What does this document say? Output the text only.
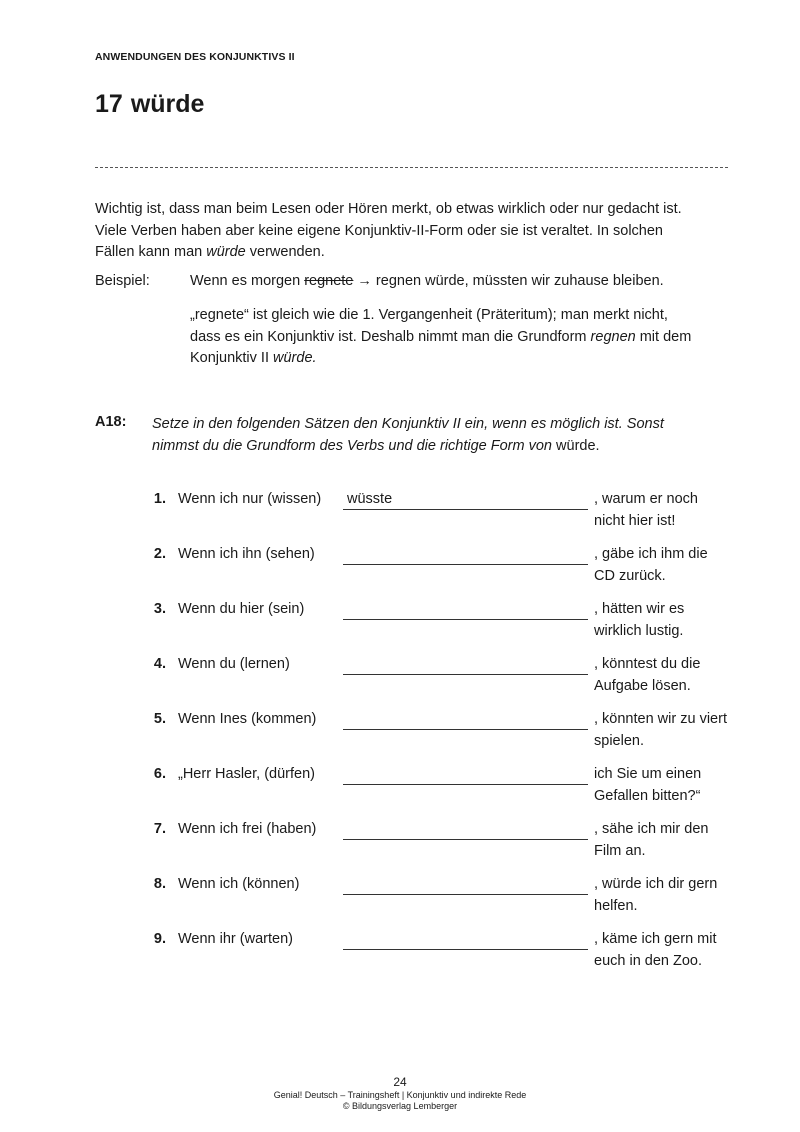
ANWENDUNGEN DES KONJUNKTIVS II
17 würde
Wichtig ist, dass man beim Lesen oder Hören merkt, ob etwas wirklich oder nur gedacht ist.
Viele Verben haben aber keine eigene Konjunktiv-II-Form oder sie ist veraltet. In solchen
Fällen kann man würde verwenden.
Beispiel:	Wenn es morgen regnete → regnen würde, müssten wir zuhause bleiben.
„regnete“ ist gleich wie die 1. Vergangenheit (Präteritum); man merkt nicht,
dass es ein Konjunktiv ist. Deshalb nimmt man die Grundform regnen mit dem
Konjunktiv II würde.
A18: Setze in den folgenden Sätzen den Konjunktiv II ein, wenn es möglich ist. Sonst
nimmst du die Grundform des Verbs und die richtige Form von würde.
1. Wenn ich nur (wissen) wüsste	, warum er noch
nicht hier ist!
2. Wenn ich ihn (sehen)	, gäbe ich ihm die
CD zurück.
3. Wenn du hier (sein)	, hätten wir es
wirklich lustig.
4. Wenn du (lernen)	, könntest du die
Aufgabe lösen.
5. Wenn Ines (kommen)	, könnten wir zu viert
spielen.
6. „Herr Hasler, (dürfen)	ich Sie um einen
Gefallen bitten?“
7. Wenn ich frei (haben)	, sähe ich mir den
Film an.
8. Wenn ich (können)	, würde ich dir gern
helfen.
9. Wenn ihr (warten)	, käme ich gern mit
euch in den Zoo.
24
Genial! Deutsch – Trainingsheft | Konjunktiv und indirekte Rede
© Bildungsverlag Lemberger
